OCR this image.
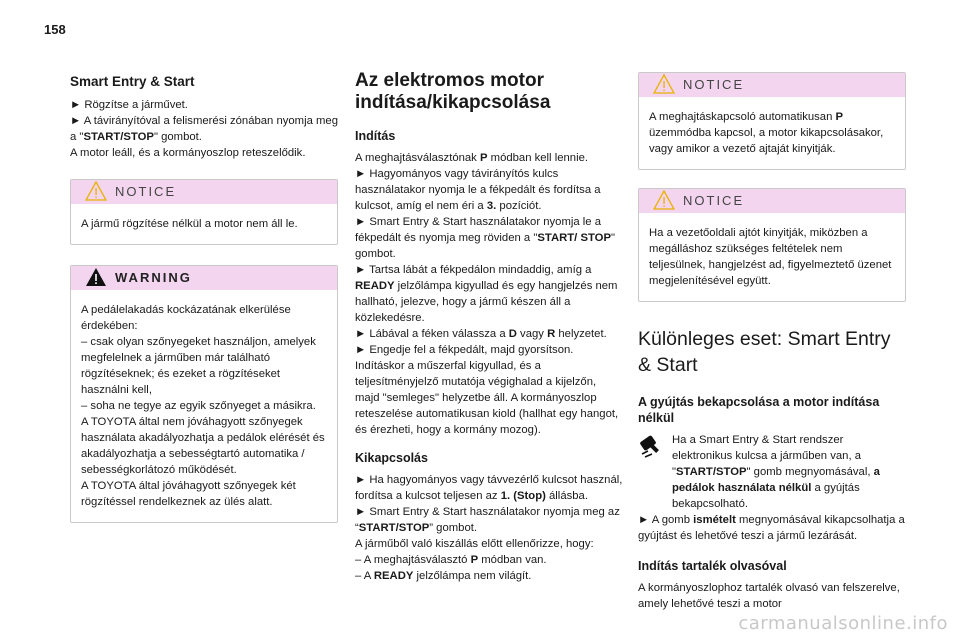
158
Smart Entry & Start

► Rögzítse a járművet.

► A távirányítóval a felismerési zónában nyomja meg a "START/STOP" gombot.

A motor leáll, és a kormányoszlop reteszelődik.

NOTICE

A jármű rögzítése nélkül a motor nem áll le.

WARNING

A pedálelakadás kockázatának elkerülése érdekében:

– csak olyan szőnyegeket használjon, amelyek megfelelnek a járműben már található rögzítéseknek; és ezeket a rögzítéseket használni kell,

– soha ne tegye az egyik szőnyeget a másikra.

A TOYOTA által nem jóváhagyott szőnyegek használata akadályozhatja a pedálok elérését és akadályozhatja a sebességtartó automatika / sebességkorlátozó működését.

A TOYOTA által jóváhagyott szőnyegek két rögzítéssel rendelkeznek az ülés alatt.

Az elektromos motor indítása/kikapcsolása
Indítás

A meghajtásválasztónak P módban kell lennie.

► Hagyományos vagy távirányítós kulcs használatakor nyomja le a fékpedált és fordítsa a kulcsot, amíg el nem éri a 3. pozíciót.

► Smart Entry & Start használatakor nyomja le a fékpedált és nyomja meg röviden a "START/ STOP" gombot.

► Tartsa lábát a fékpedálon mindaddig, amíg a READY jelzőlámpa kigyullad és egy hangjelzés nem hallható, jelezve, hogy a jármű készen áll a közlekedésre.

► Lábával a féken válassza a D vagy R helyzetet.

► Engedje fel a fékpedált, majd gyorsítson.

Indításkor a műszerfal kigyullad, és a teljesítményjelző mutatója végighalad a kijelzőn, majd "semleges" helyzetbe áll. A kormányoszlop reteszelése automatikusan kiold (hallhat egy hangot, és érezheti, hogy a kormány mozog).

Kikapcsolás

► Ha hagyományos vagy távvezérlő kulcsot használ, fordítsa a kulcsot teljesen az 1. (Stop) állásba.

► Smart Entry & Start használatakor nyomja meg az “START/STOP” gombot.

A járműből való kiszállás előtt ellenőrizze, hogy:

– A meghajtásválasztó P módban van.

– A READY jelzőlámpa nem világít.

NOTICE

A meghajtáskapcsoló automatikusan P üzemmódba kapcsol, a motor kikapcsolásakor, vagy amikor a vezető ajtaját kinyitják.

NOTICE

Ha a vezetőoldali ajtót kinyitják, miközben a megálláshoz szükséges feltételek nem teljesülnek, hangjelzést ad, figyelmeztető üzenet megjelenítésével együtt.

Különleges eset: Smart Entry & Start
A gyújtás bekapcsolása a motor indítása nélkül

Ha a Smart Entry & Start rendszer elektronikus kulcsa a járműben van, a "START/STOP" gomb megnyomásával, a pedálok használata nélkül a gyújtás bekapcsolható.

► A gomb ismételt megnyomásával kikapcsolhatja a gyújtást és lehetővé teszi a jármű lezárását.

Indítás tartalék olvasóval

A kormányoszlophoz tartalék olvasó van felszerelve, amely lehetővé teszi a motor

carmanualsonline.info
